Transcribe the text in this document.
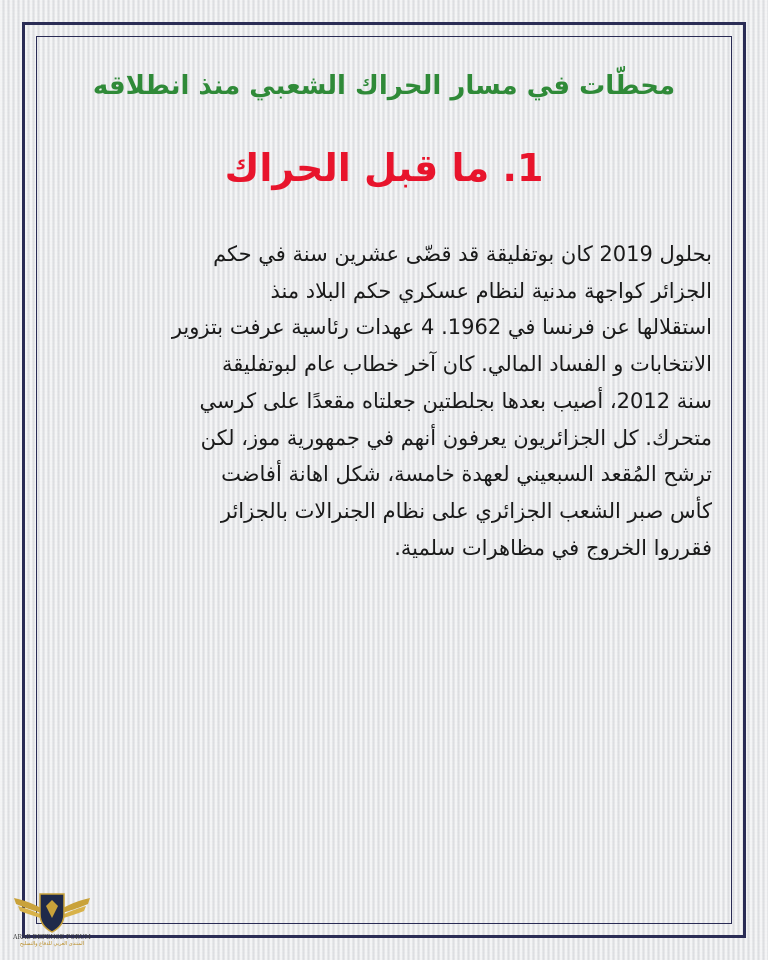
محطّات في مسار الحراك الشعبي منذ انطلاقه
1. ما قبل الحراك
بحلول 2019 كان بوتفليقة قد قضّى عشرين سنة في حكم
الجزائر كواجهة مدنية لنظام عسكري حكم البلاد منذ
استقلالها عن فرنسا في 1962. 4 عهدات رئاسية عرفت بتزوير
الانتخابات و الفساد المالي. كان آخر خطاب عام لبوتفليقة
سنة 2012، أصيب بعدها بجلطتين جعلتاه مقعدًا على كرسي
متحرك. كل الجزائريون يعرفون أنهم في جمهورية موز، لكن
ترشح المُقعد السبعيني لعهدة خامسة، شكل اهانة أفاضت
كأس صبر الشعب الجزائري على نظام الجنرالات بالجزائر
فقرروا الخروج في مظاهرات سلمية.
ARAB DEFENSE FORUM
المنتدى العربي للدفاع والتسليح
